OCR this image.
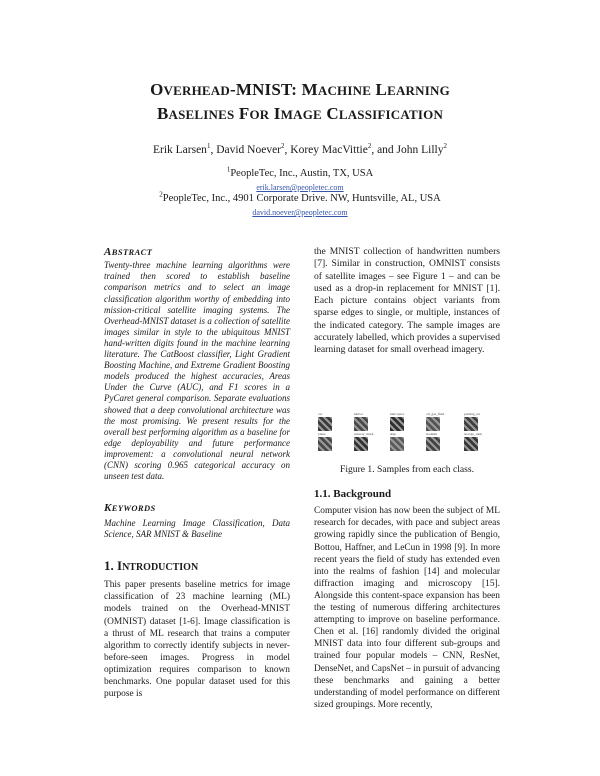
OVERHEAD-MNIST: MACHINE LEARNING
BASELINES FOR IMAGE CLASSIFICATION
Erik Larsen$^1$, David Noever$^2$, Korey MacVittie$^2$, and John Lilly$^2$
$^1$PeopleTec, Inc., Austin, TX, USA
erik.larsen@peopletec.com
$^2$PeopleTec, Inc., 4901 Corporate Drive. NW, Huntsville, AL, USA
david.noever@peopletec.com
ABSTRACT

Twenty-three machine learning algorithms were trained then scored to establish baseline comparison metrics and to select an image classification algorithm worthy of embedding into mission-critical satellite imaging systems. The Overhead-MNIST dataset is a collection of satellite images similar in style to the ubiquitous MNIST hand-written digits found in the machine learning literature. The CatBoost classifier, Light Gradient Boosting Machine, and Extreme Gradient Boosting models produced the highest accuracies, Areas Under the Curve (AUC), and F1 scores in a PyCaret general comparison. Separate evaluations showed that a deep convolutional architecture was the most promising. We present results for the overall best performing algorithm as a baseline for edge deployability and future performance improvement: a convolutional neural network (CNN) scoring 0.965 categorical accuracy on unseen test data.

KEYWORDS

Machine Learning Image Classification, Data Science, SAR MNIST & Baseline

1. INTRODUCTION

This paper presents baseline metrics for image classification of 23 machine learning (ML) models trained on the Overhead-MNIST (OMNIST) dataset [1-6]. Image classification is a thrust of ML research that trains a computer algorithm to correctly identify subjects in never-before-seen images. Progress in model optimization requires comparison to known benchmarks. One popular dataset used for this purpose is

the MNIST collection of handwritten numbers [7]. Similar in construction, OMNIST consists of satellite images – see Figure 1 – and can be used as a drop-in replacement for MNIST [1]. Each picture contains object variants from sparse edges to single, or multiple, instances of the indicated category. The sample images are accurately labelled, which provides a supervised learning dataset for small overhead imagery.

car	harbor	helicopter	oil_gas_field	parking_lot
plane	runway_mark	ship	stadium	storage_tank
Figure 1. Samples from each class.
1.1. Background

Computer vision has now been the subject of ML research for decades, with pace and subject areas growing rapidly since the publication of Bengio, Bottou, Haffner, and LeCun in 1998 [9]. In more recent years the field of study has extended even into the realms of fashion [14] and molecular diffraction imaging and microscopy [15]. Alongside this content-space expansion has been the testing of numerous differing architectures attempting to improve on baseline performance. Chen et al. [16] randomly divided the original MNIST data into four different sub-groups and trained four popular models – CNN, ResNet, DenseNet, and CapsNet – in pursuit of advancing these benchmarks and gaining a better understanding of model performance on different sized groupings. More recently,
